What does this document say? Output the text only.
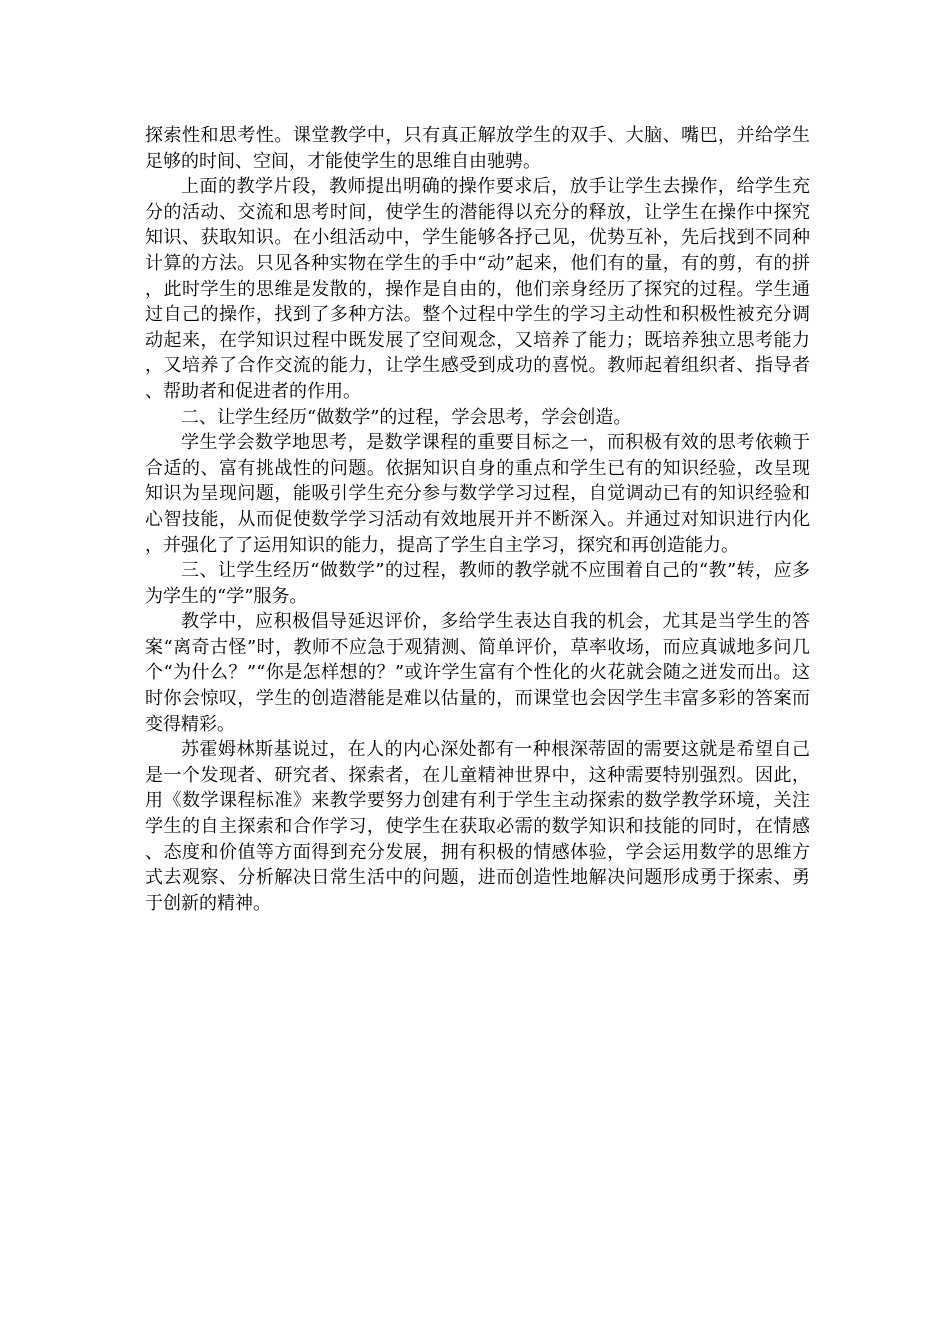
探索性和思考性。课堂教学中，只有真正解放学生的双手、大脑、嘴巴，并给学生足够的时间、空间，才能使学生的思维自由驰骋。

上面的教学片段，教师提出明确的操作要求后，放手让学生去操作，给学生充分的活动、交流和思考时间，使学生的潜能得以充分的释放，让学生在操作中探究知识、获取知识。在小组活动中，学生能够各抒己见，优势互补，先后找到不同种计算的方法。只见各种实物在学生的手中“动”起来，他们有的量，有的剪，有的拼，此时学生的思维是发散的，操作是自由的，他们亲身经历了探究的过程。学生通过自己的操作，找到了多种方法。整个过程中学生的学习主动性和积极性被充分调动起来，在学知识过程中既发展了空间观念，又培养了能力；既培养独立思考能力，又培养了合作交流的能力，让学生感受到成功的喜悦。教师起着组织者、指导者、帮助者和促进者的作用。

二、让学生经历“做数学”的过程，学会思考，学会创造。

学生学会数学地思考，是数学课程的重要目标之一，而积极有效的思考依赖于合适的、富有挑战性的问题。依据知识自身的重点和学生已有的知识经验，改呈现知识为呈现问题，能吸引学生充分参与数学学习过程，自觉调动已有的知识经验和心智技能，从而促使数学学习活动有效地展开并不断深入。并通过对知识进行内化，并强化了了运用知识的能力，提高了学生自主学习，探究和再创造能力。

三、让学生经历“做数学”的过程，教师的教学就不应围着自己的“教”转，应多为学生的“学”服务。

教学中，应积极倡导延迟评价，多给学生表达自我的机会，尤其是当学生的答案“离奇古怪”时，教师不应急于观猜测、简单评价，草率收场，而应真诚地多问几个“为什么？”“你是怎样想的？”或许学生富有个性化的火花就会随之迸发而出。这时你会惊叹，学生的创造潜能是难以估量的，而课堂也会因学生丰富多彩的答案而变得精彩。

苏霍姆林斯基说过，在人的内心深处都有一种根深蒂固的需要这就是希望自己是一个发现者、研究者、探索者，在儿童精神世界中，这种需要特别强烈。因此，用《数学课程标准》来教学要努力创建有利于学生主动探索的数学教学环境，关注学生的自主探索和合作学习，使学生在获取必需的数学知识和技能的同时，在情感、态度和价值等方面得到充分发展，拥有积极的情感体验，学会运用数学的思维方式去观察、分析解决日常生活中的问题，进而创造性地解决问题形成勇于探索、勇于创新的精神。
